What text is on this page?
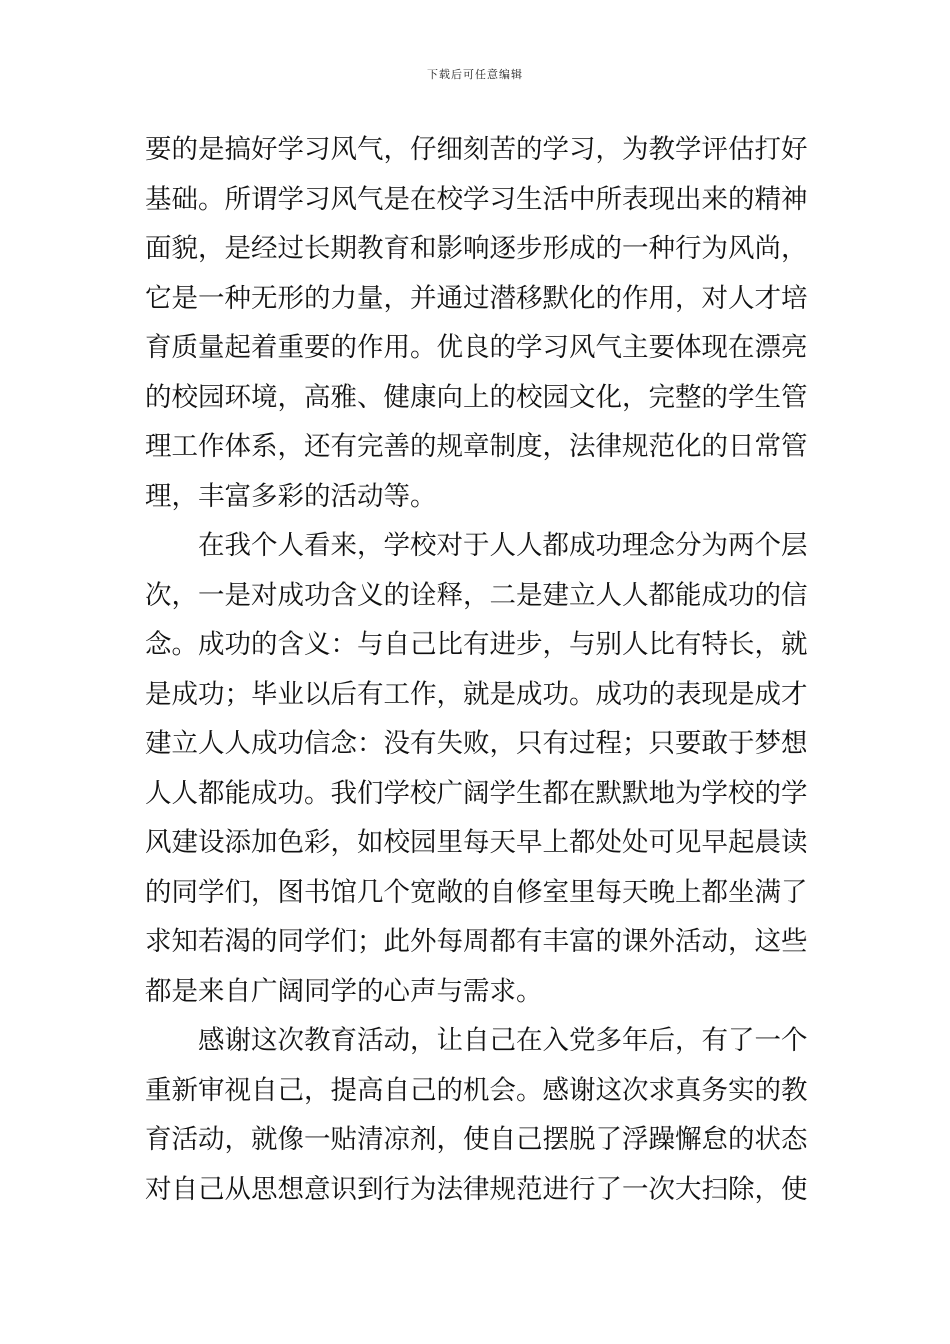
下载后可任意编辑
要的是搞好学习风气，仔细刻苦的学习，为教学评估打好
基础。所谓学习风气是在校学习生活中所表现出来的精神
面貌，是经过长期教育和影响逐步形成的一种行为风尚，
它是一种无形的力量，并通过潜移默化的作用，对人才培
育质量起着重要的作用。优良的学习风气主要体现在漂亮
的校园环境，高雅、健康向上的校园文化，完整的学生管
理工作体系，还有完善的规章制度，法律规范化的日常管
理，丰富多彩的活动等。
在我个人看来，学校对于人人都成功理念分为两个层
次，一是对成功含义的诠释，二是建立人人都能成功的信
念。成功的含义：与自己比有进步，与别人比有特长，就
是成功；毕业以后有工作，就是成功。成功的表现是成才
建立人人成功信念：没有失败，只有过程；只要敢于梦想
人人都能成功。我们学校广阔学生都在默默地为学校的学
风建设添加色彩，如校园里每天早上都处处可见早起晨读
的同学们，图书馆几个宽敞的自修室里每天晚上都坐满了
求知若渴的同学们；此外每周都有丰富的课外活动，这些
都是来自广阔同学的心声与需求。
感谢这次教育活动，让自己在入党多年后，有了一个
重新审视自己，提高自己的机会。感谢这次求真务实的教
育活动，就像一贴清凉剂，使自己摆脱了浮躁懈怠的状态
对自己从思想意识到行为法律规范进行了一次大扫除，使
